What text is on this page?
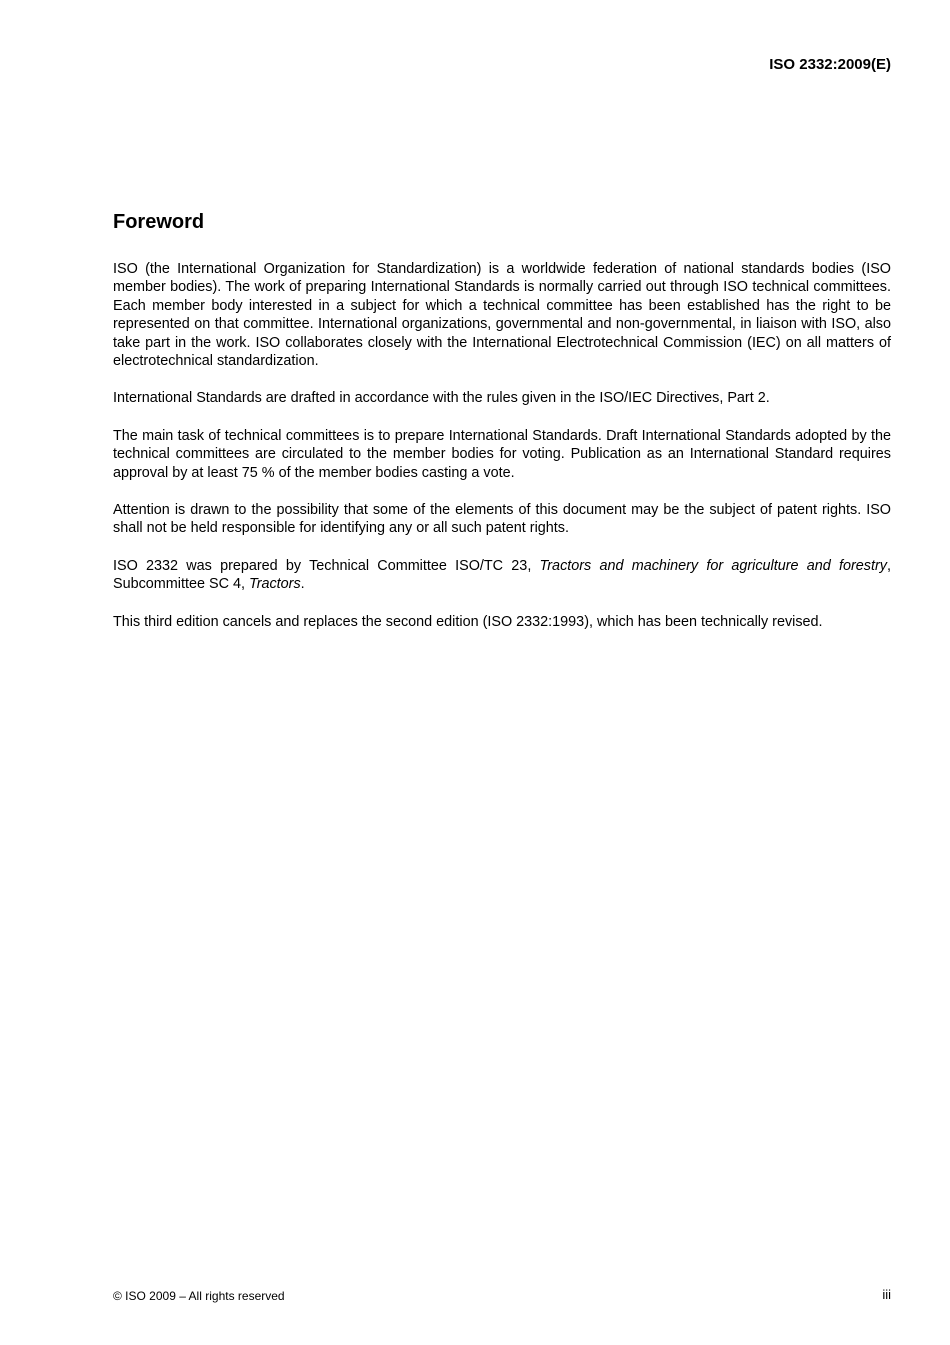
ISO 2332:2009(E)
Foreword

ISO (the International Organization for Standardization) is a worldwide federation of national standards bodies (ISO member bodies). The work of preparing International Standards is normally carried out through ISO technical committees. Each member body interested in a subject for which a technical committee has been established has the right to be represented on that committee. International organizations, governmental and non-governmental, in liaison with ISO, also take part in the work. ISO collaborates closely with the International Electrotechnical Commission (IEC) on all matters of electrotechnical standardization.

International Standards are drafted in accordance with the rules given in the ISO/IEC Directives, Part 2.

The main task of technical committees is to prepare International Standards. Draft International Standards adopted by the technical committees are circulated to the member bodies for voting. Publication as an International Standard requires approval by at least 75 % of the member bodies casting a vote.

Attention is drawn to the possibility that some of the elements of this document may be the subject of patent rights. ISO shall not be held responsible for identifying any or all such patent rights.

ISO 2332 was prepared by Technical Committee ISO/TC 23, Tractors and machinery for agriculture and forestry, Subcommittee SC 4, Tractors.

This third edition cancels and replaces the second edition (ISO 2332:1993), which has been technically revised.

© ISO 2009 – All rights reserved	iii
